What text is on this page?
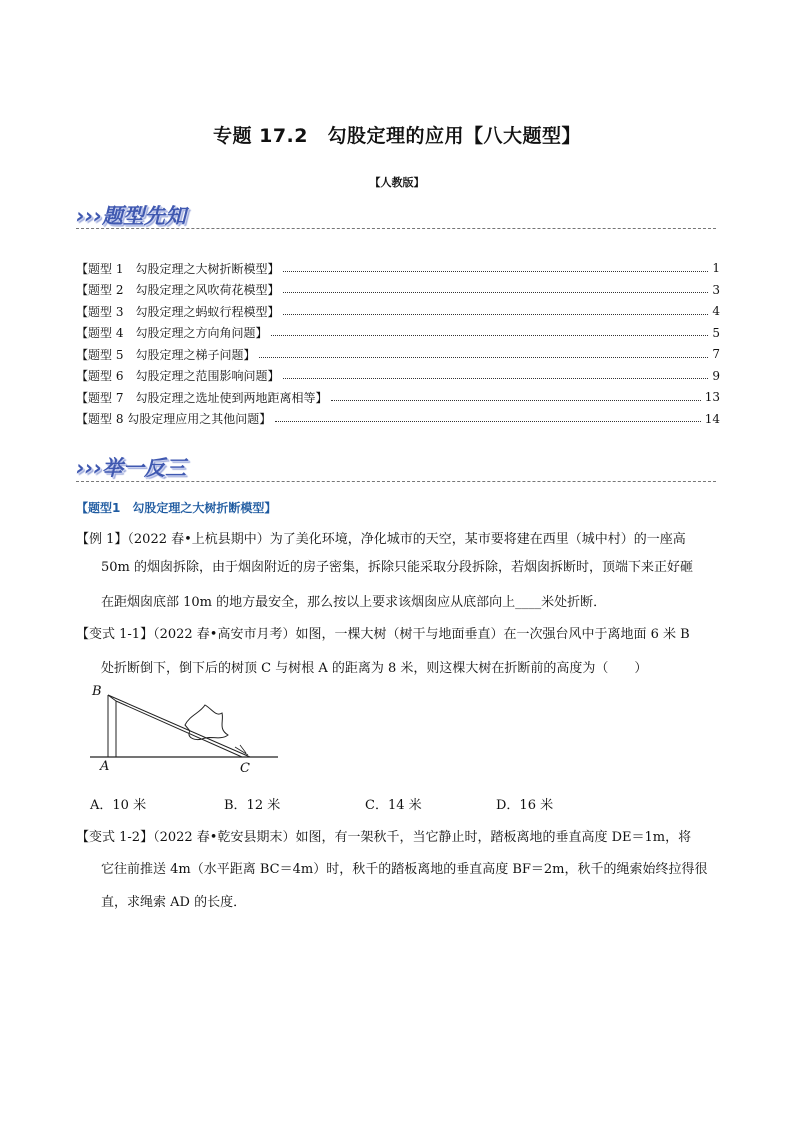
专题 17.2　勾股定理的应用【八大题型】
【人教版】
›››题型先知
【题型 1　勾股定理之大树折断模型】	1
【题型 2　勾股定理之风吹荷花模型】	3
【题型 3　勾股定理之蚂蚁行程模型】	4
【题型 4　勾股定理之方向角问题】	5
【题型 5　勾股定理之梯子问题】	7
【题型 6　勾股定理之范围影响问题】	9
【题型 7　勾股定理之选址使到两地距离相等】	13
【题型 8 勾股定理应用之其他问题】	14
›››举一反三
【题型1　勾股定理之大树折断模型】
【例 1】（2022 春•上杭县期中）为了美化环境，净化城市的天空，某市要将建在西里（城中村）的一座高
50m 的烟囱拆除，由于烟囱附近的房子密集，拆除只能采取分段拆除，若烟囱拆断时，顶端下来正好砸
在距烟囱底部 10m 的地方最安全，那么按以上要求该烟囱应从底部向上____米处折断．
【变式 1-1】（2022 春•高安市月考）如图，一棵大树（树干与地面垂直）在一次强台风中于离地面 6 米 B
处折断倒下，倒下后的树顶 C 与树根 A 的距离为 8 米，则这棵大树在折断前的高度为（　　）
B
A	C
A．10 米	B．12 米	C．14 米	D．16 米
【变式 1-2】（2022 春•乾安县期末）如图，有一架秋千，当它静止时，踏板离地的垂直高度 DE＝1m，将
它往前推送 4m（水平距离 BC＝4m）时，秋千的踏板离地的垂直高度 BF＝2m，秋千的绳索始终拉得很
直，求绳索 AD 的长度．
